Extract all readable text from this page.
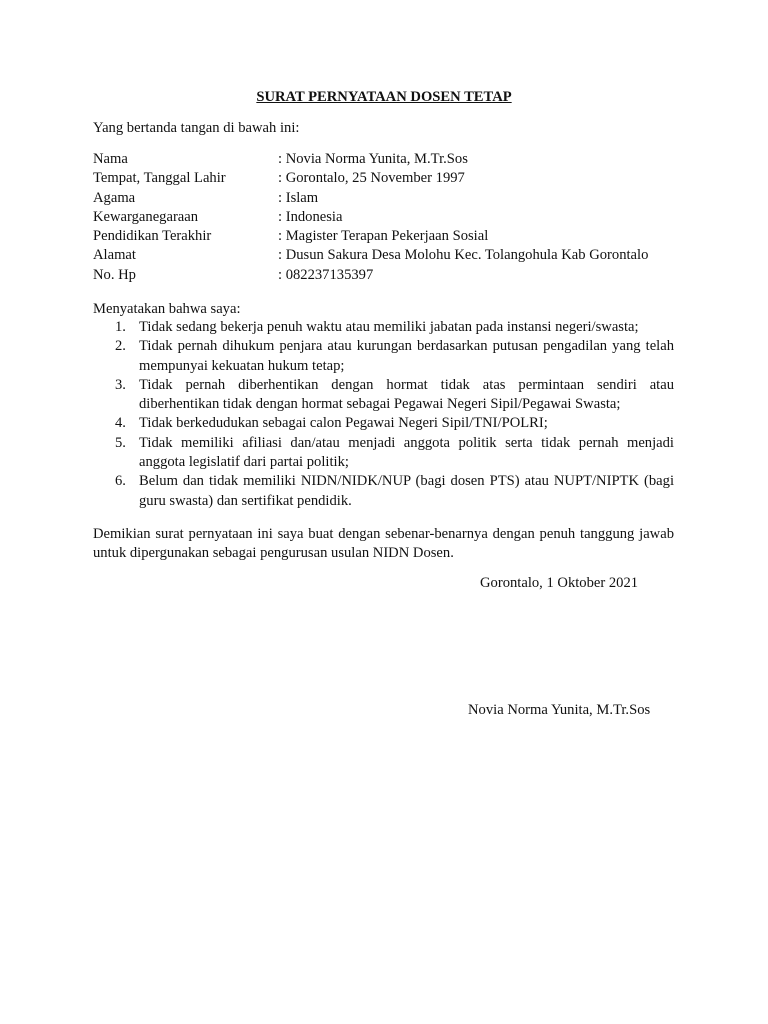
SURAT PERNYATAAN DOSEN TETAP
Yang bertanda tangan di bawah ini:
Nama	: Novia Norma Yunita, M.Tr.Sos
Tempat, Tanggal Lahir	: Gorontalo, 25 November 1997
Agama	: Islam
Kewarganegaraan	: Indonesia
Pendidikan Terakhir	: Magister Terapan Pekerjaan Sosial
Alamat	: Dusun Sakura Desa Molohu Kec. Tolangohula Kab Gorontalo
No. Hp	: 082237135397
Menyatakan bahwa saya:
1. Tidak sedang bekerja penuh waktu atau memiliki jabatan pada instansi negeri/swasta;
2. Tidak pernah dihukum penjara atau kurungan berdasarkan putusan pengadilan yang telah mempunyai kekuatan hukum tetap;
3. Tidak pernah diberhentikan dengan hormat tidak atas permintaan sendiri atau diberhentikan tidak dengan hormat sebagai Pegawai Negeri Sipil/Pegawai Swasta;
4. Tidak berkedudukan sebagai calon Pegawai Negeri Sipil/TNI/POLRI;
5. Tidak memiliki afiliasi dan/atau menjadi anggota politik serta tidak pernah menjadi anggota legislatif dari partai politik;
6. Belum dan tidak memiliki NIDN/NIDK/NUP (bagi dosen PTS) atau NUPT/NIPTK (bagi guru swasta) dan sertifikat pendidik.
Demikian surat pernyataan ini saya buat dengan sebenar-benarnya dengan penuh tanggung jawab untuk dipergunakan sebagai pengurusan usulan NIDN Dosen.
Gorontalo, 1 Oktober 2021
Novia Norma Yunita, M.Tr.Sos
